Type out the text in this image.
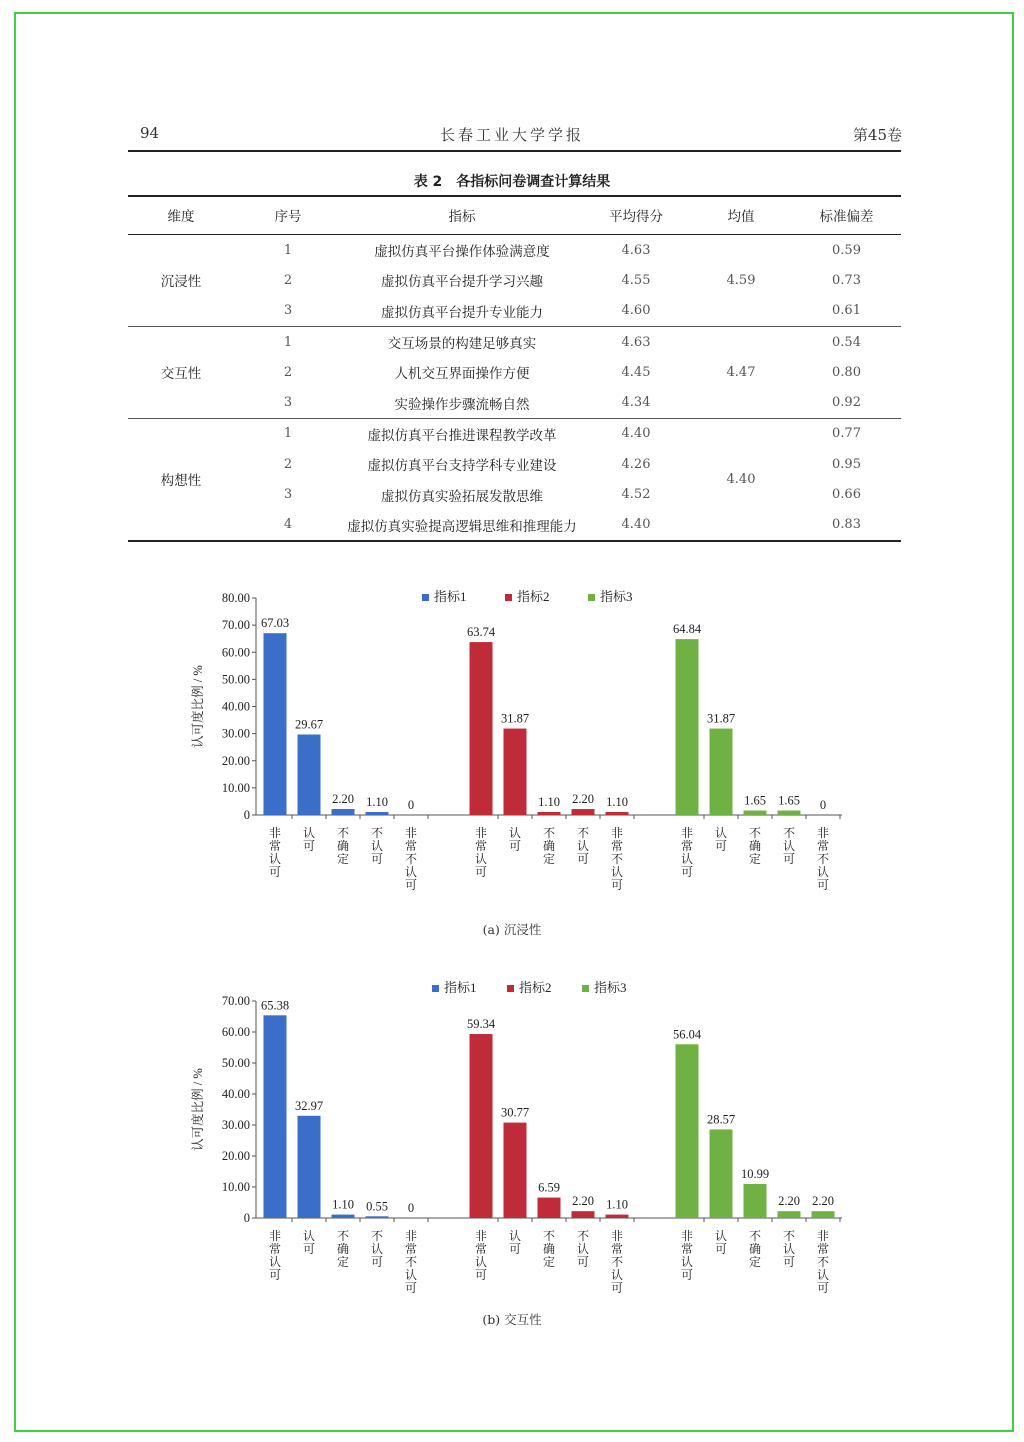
94	长春工业大学学报	第45卷
表 2　各指标问卷调查计算结果
维度	序号	指标	平均得分	均值	标准偏差
沉浸性	1	虚拟仿真平台操作体验满意度	4.63	4.59	0.59
	2	虚拟仿真平台提升学习兴趣	4.55		0.73
	3	虚拟仿真平台提升专业能力	4.60		0.61
交互性	1	交互场景的构建足够真实	4.63	4.47	0.54
	2	人机交互界面操作方便	4.45		0.80
	3	实验操作步骤流畅自然	4.34		0.92
构想性	1	虚拟仿真平台推进课程教学改革	4.40	4.40	0.77
	2	虚拟仿真平台支持学科专业建设	4.26		0.95
	3	虚拟仿真实验拓展发散思维	4.52		0.66
	4	虚拟仿真实验提高逻辑思维和推理能力	4.40		0.83
指标1	指标2	指标3
0
10.00
20.00
30.00
40.00
50.00
60.00
70.00
80.00
认可度比例 / %
67.03
非常认可
29.67
认可
2.20
不确定
1.10
不认可
0
非常不认可
63.74
非常认可
31.87
认可
1.10
不确定
2.20
不认可
1.10
非常不认可
64.84
非常认可
31.87
认可
1.65
不确定
1.65
不认可
0
非常不认可
(a) 沉浸性
指标1	指标2	指标3
0
10.00
20.00
30.00
40.00
50.00
60.00
70.00
认可度比例 / %
65.38
非常认可
32.97
认可
1.10
不确定
0.55
不认可
0
非常不认可
59.34
非常认可
30.77
认可
6.59
不确定
2.20
不认可
1.10
非常不认可
56.04
非常认可
28.57
认可
10.99
不确定
2.20
不认可
2.20
非常不认可
(b) 交互性
